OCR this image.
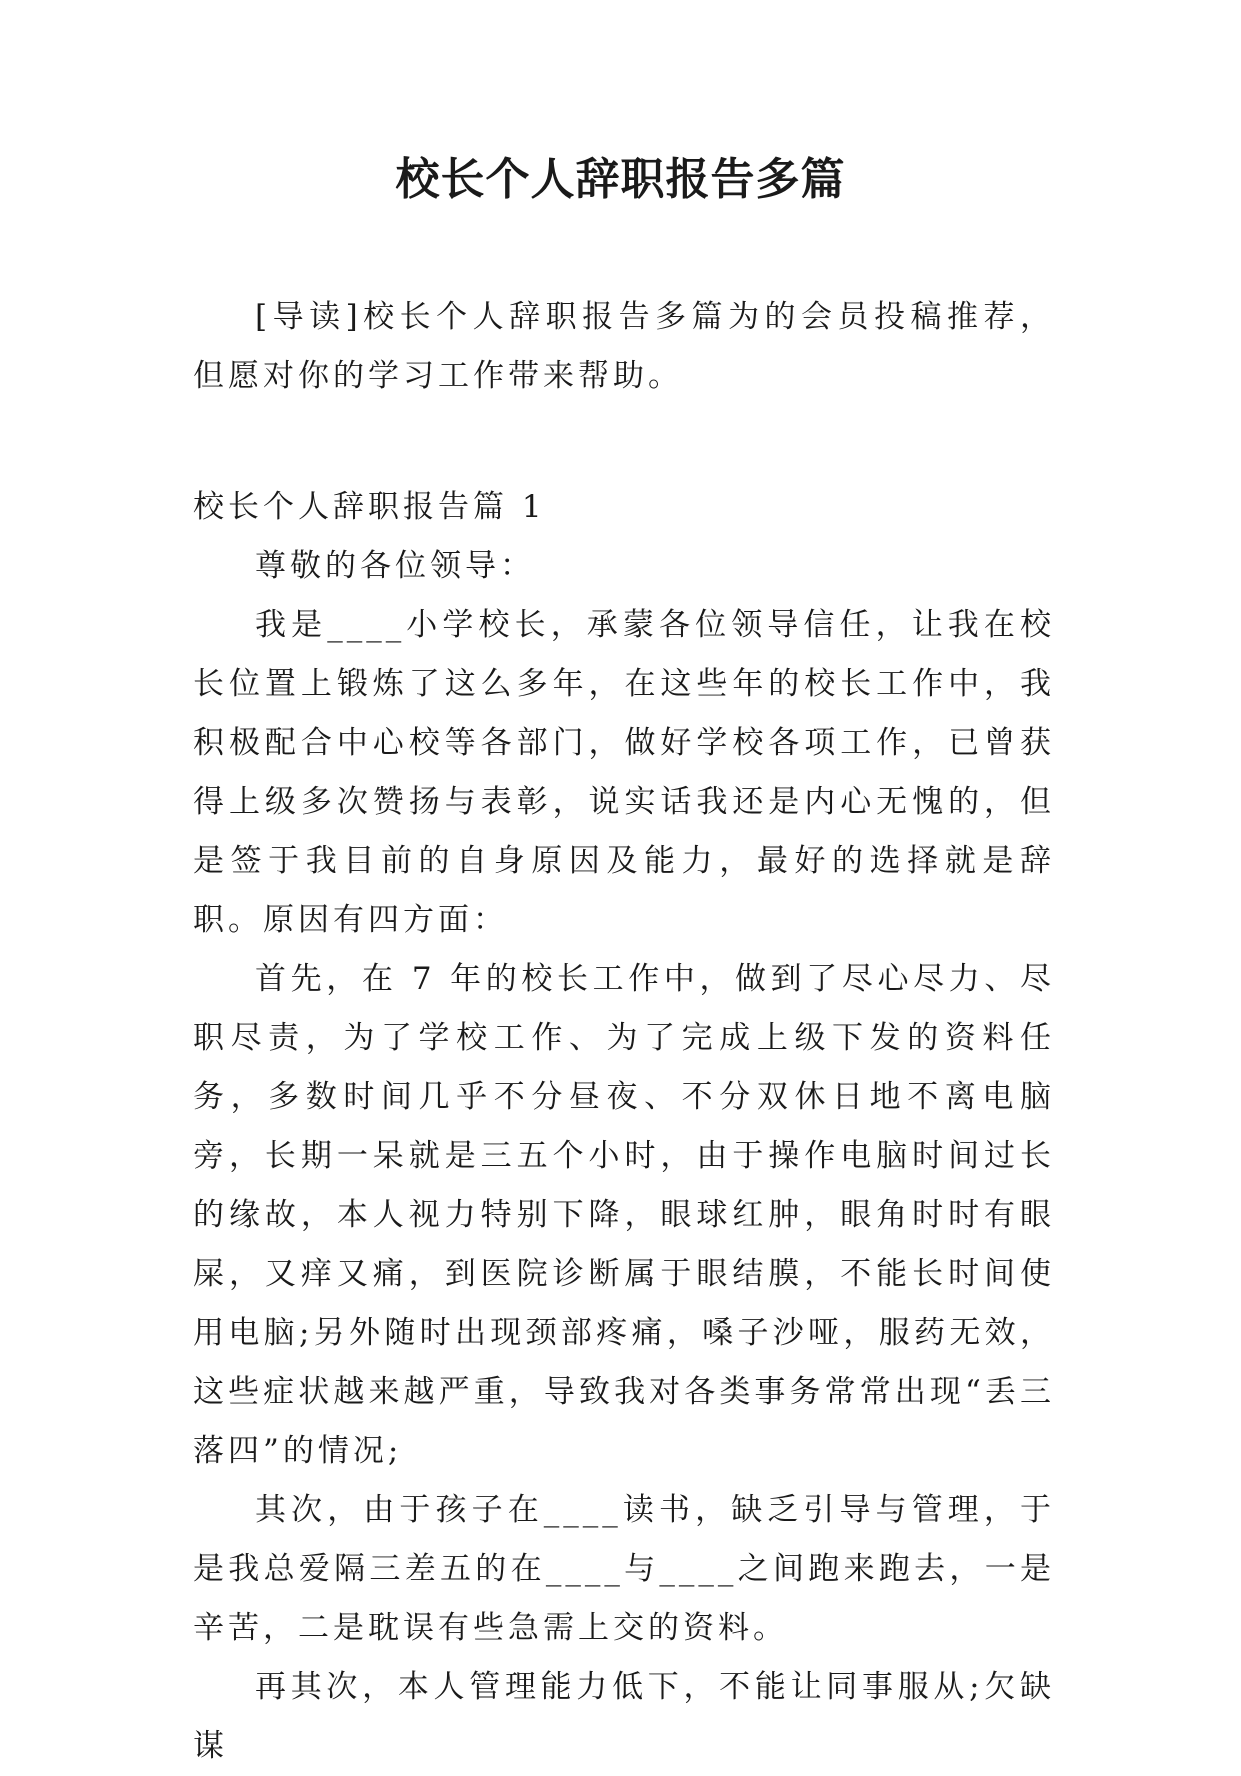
校长个人辞职报告多篇

[导读]校长个人辞职报告多篇为的会员投稿推荐，但愿对你的学习工作带来帮助。

校长个人辞职报告篇 1

尊敬的各位领导：

我是____小学校长，承蒙各位领导信任，让我在校长位置上锻炼了这么多年，在这些年的校长工作中，我积极配合中心校等各部门，做好学校各项工作，已曾获得上级多次赞扬与表彰，说实话我还是内心无愧的，但是签于我目前的自身原因及能力，最好的选择就是辞职。原因有四方面：

首先，在 7 年的校长工作中，做到了尽心尽力、尽职尽责，为了学校工作、为了完成上级下发的资料任务，多数时间几乎不分昼夜、不分双休日地不离电脑旁，长期一呆就是三五个小时，由于操作电脑时间过长的缘故，本人视力特别下降，眼球红肿，眼角时时有眼屎，又痒又痛，到医院诊断属于眼结膜，不能长时间使用电脑;另外随时出现颈部疼痛，嗓子沙哑，服药无效，这些症状越来越严重，导致我对各类事务常常出现“丢三落四”的情况;

其次，由于孩子在____读书，缺乏引导与管理，于是我总爱隔三差五的在____与____之间跑来跑去，一是辛苦，二是耽误有些急需上交的资料。

再其次，本人管理能力低下，不能让同事服从;欠缺谋
